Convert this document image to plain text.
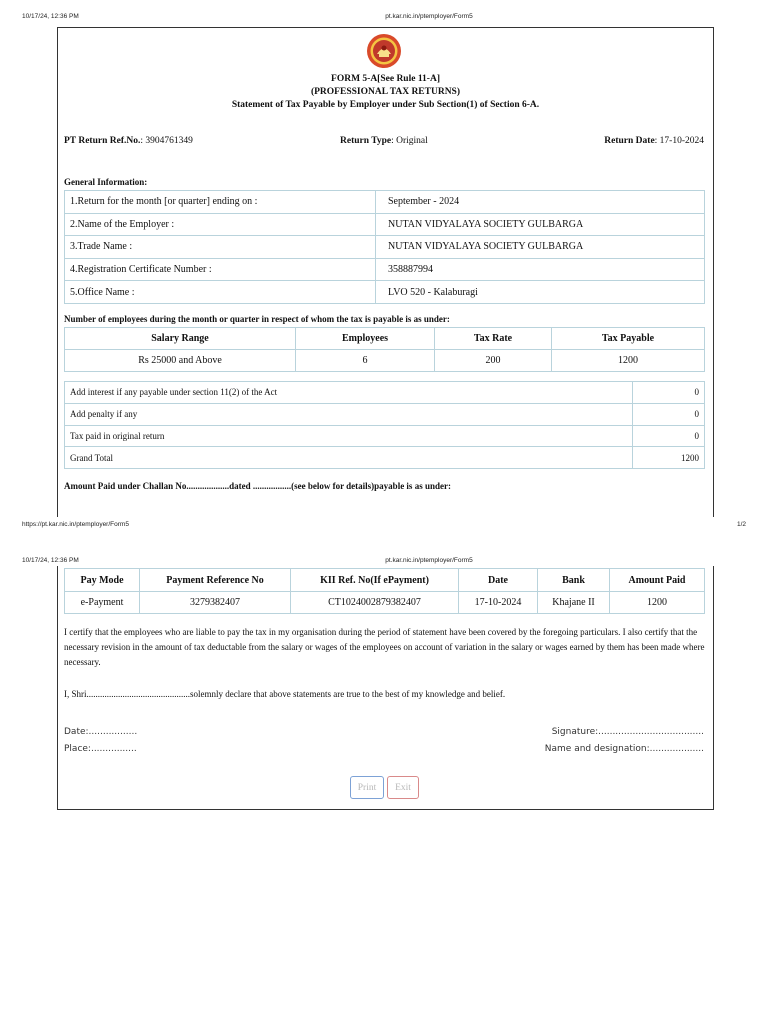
10/17/24, 12:36 PM	pt.kar.nic.in/ptemployer/Form5
FORM 5-A[See Rule 11-A]
(PROFESSIONAL TAX RETURNS)
Statement of Tax Payable by Employer under Sub Section(1) of Section 6-A.
PT Return Ref.No.: 3904761349	Return Type: Original	Return Date: 17-10-2024
General Information:
1.Return for the month [or quarter] ending on :	September - 2024
2.Name of the Employer :	NUTAN VIDYALAYA SOCIETY GULBARGA
3.Trade Name :	NUTAN VIDYALAYA SOCIETY GULBARGA
4.Registration Certificate Number :	358887994
5.Office Name :	LVO 520 - Kalaburagi
Number of employees during the month or quarter in respect of whom the tax is payable is as under:
Salary Range	Employees	Tax Rate	Tax Payable
Rs 25000 and Above	6	200	1200
Add interest if any payable under section 11(2) of the Act	0
Add penalty if any	0
Tax paid in original return	0
Grand Total	1200
Amount Paid under Challan No...................dated .................(see below for details)payable is as under:
https://pt.kar.nic.in/ptemployer/Form5	1/2
10/17/24, 12:36 PM	pt.kar.nic.in/ptemployer/Form5
Pay Mode	Payment Reference No	KII Ref. No(If ePayment)	Date	Bank	Amount Paid
e-Payment	3279382407	CT1024002879382407	17-10-2024	Khajane II	1200
I certify that the employees who are liable to pay the tax in my organisation during the period of statement have been covered by the foregoing particulars. I also certify that the necessary revision in the amount of tax deductable from the salary or wages of the employees on account of variation in the salary or wages earned by them has been made where necessary.
I, Shri..............................................solemnly declare that above statements are true to the best of my knowledge and belief.
Date:.................
Place:................
Signature:.....................................
Name and designation:...................
Print	Exit
